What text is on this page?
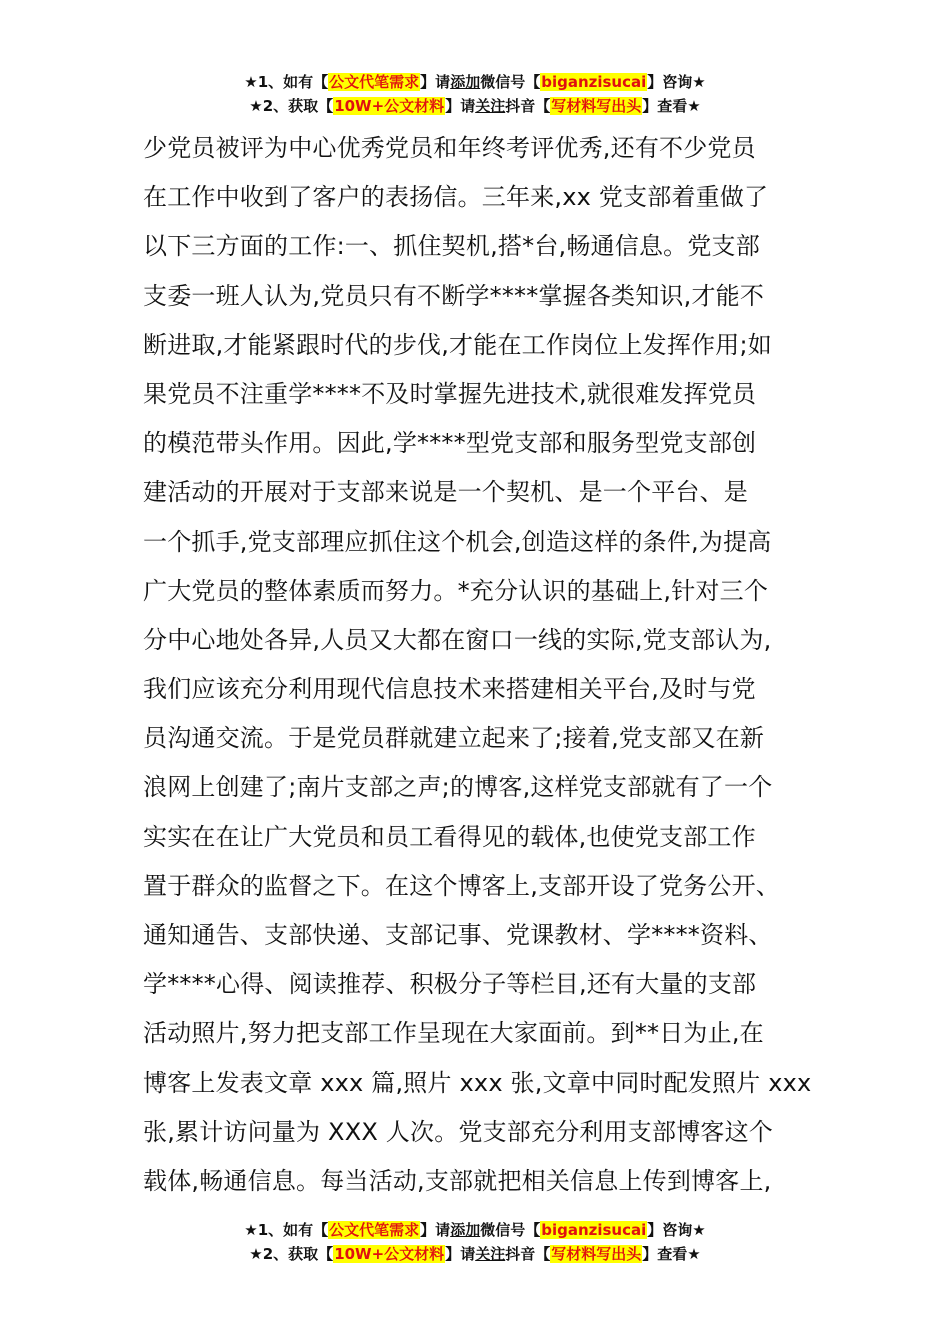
★1、如有【公文代笔需求】请添加微信号【biganzisucai】咨询★
★2、获取【10W+公文材料】请关注抖音【写材料写出头】查看★
少党员被评为中心优秀党员和年终考评优秀,还有不少党员
在工作中收到了客户的表扬信。三年来,xx 党支部着重做了
以下三方面的工作:一、抓住契机,搭*台,畅通信息。党支部
支委一班人认为,党员只有不断学****掌握各类知识,才能不
断进取,才能紧跟时代的步伐,才能在工作岗位上发挥作用;如
果党员不注重学****不及时掌握先进技术,就很难发挥党员
的模范带头作用。因此,学****型党支部和服务型党支部创
建活动的开展对于支部来说是一个契机、是一个平台、是
一个抓手,党支部理应抓住这个机会,创造这样的条件,为提高
广大党员的整体素质而努力。*充分认识的基础上,针对三个
分中心地处各异,人员又大都在窗口一线的实际,党支部认为,
我们应该充分利用现代信息技术来搭建相关平台,及时与党
员沟通交流。于是党员群就建立起来了;接着,党支部又在新
浪网上创建了;南片支部之声;的博客,这样党支部就有了一个
实实在在让广大党员和员工看得见的载体,也使党支部工作
置于群众的监督之下。在这个博客上,支部开设了党务公开、
通知通告、支部快递、支部记事、党课教材、学****资料、
学****心得、阅读推荐、积极分子等栏目,还有大量的支部
活动照片,努力把支部工作呈现在大家面前。到**日为止,在
博客上发表文章 xxx 篇,照片 xxx 张,文章中同时配发照片 xxx
张,累计访问量为 XXX 人次。党支部充分利用支部博客这个
载体,畅通信息。每当活动,支部就把相关信息上传到博客上,
★1、如有【公文代笔需求】请添加微信号【biganzisucai】咨询★
★2、获取【10W+公文材料】请关注抖音【写材料写出头】查看★
